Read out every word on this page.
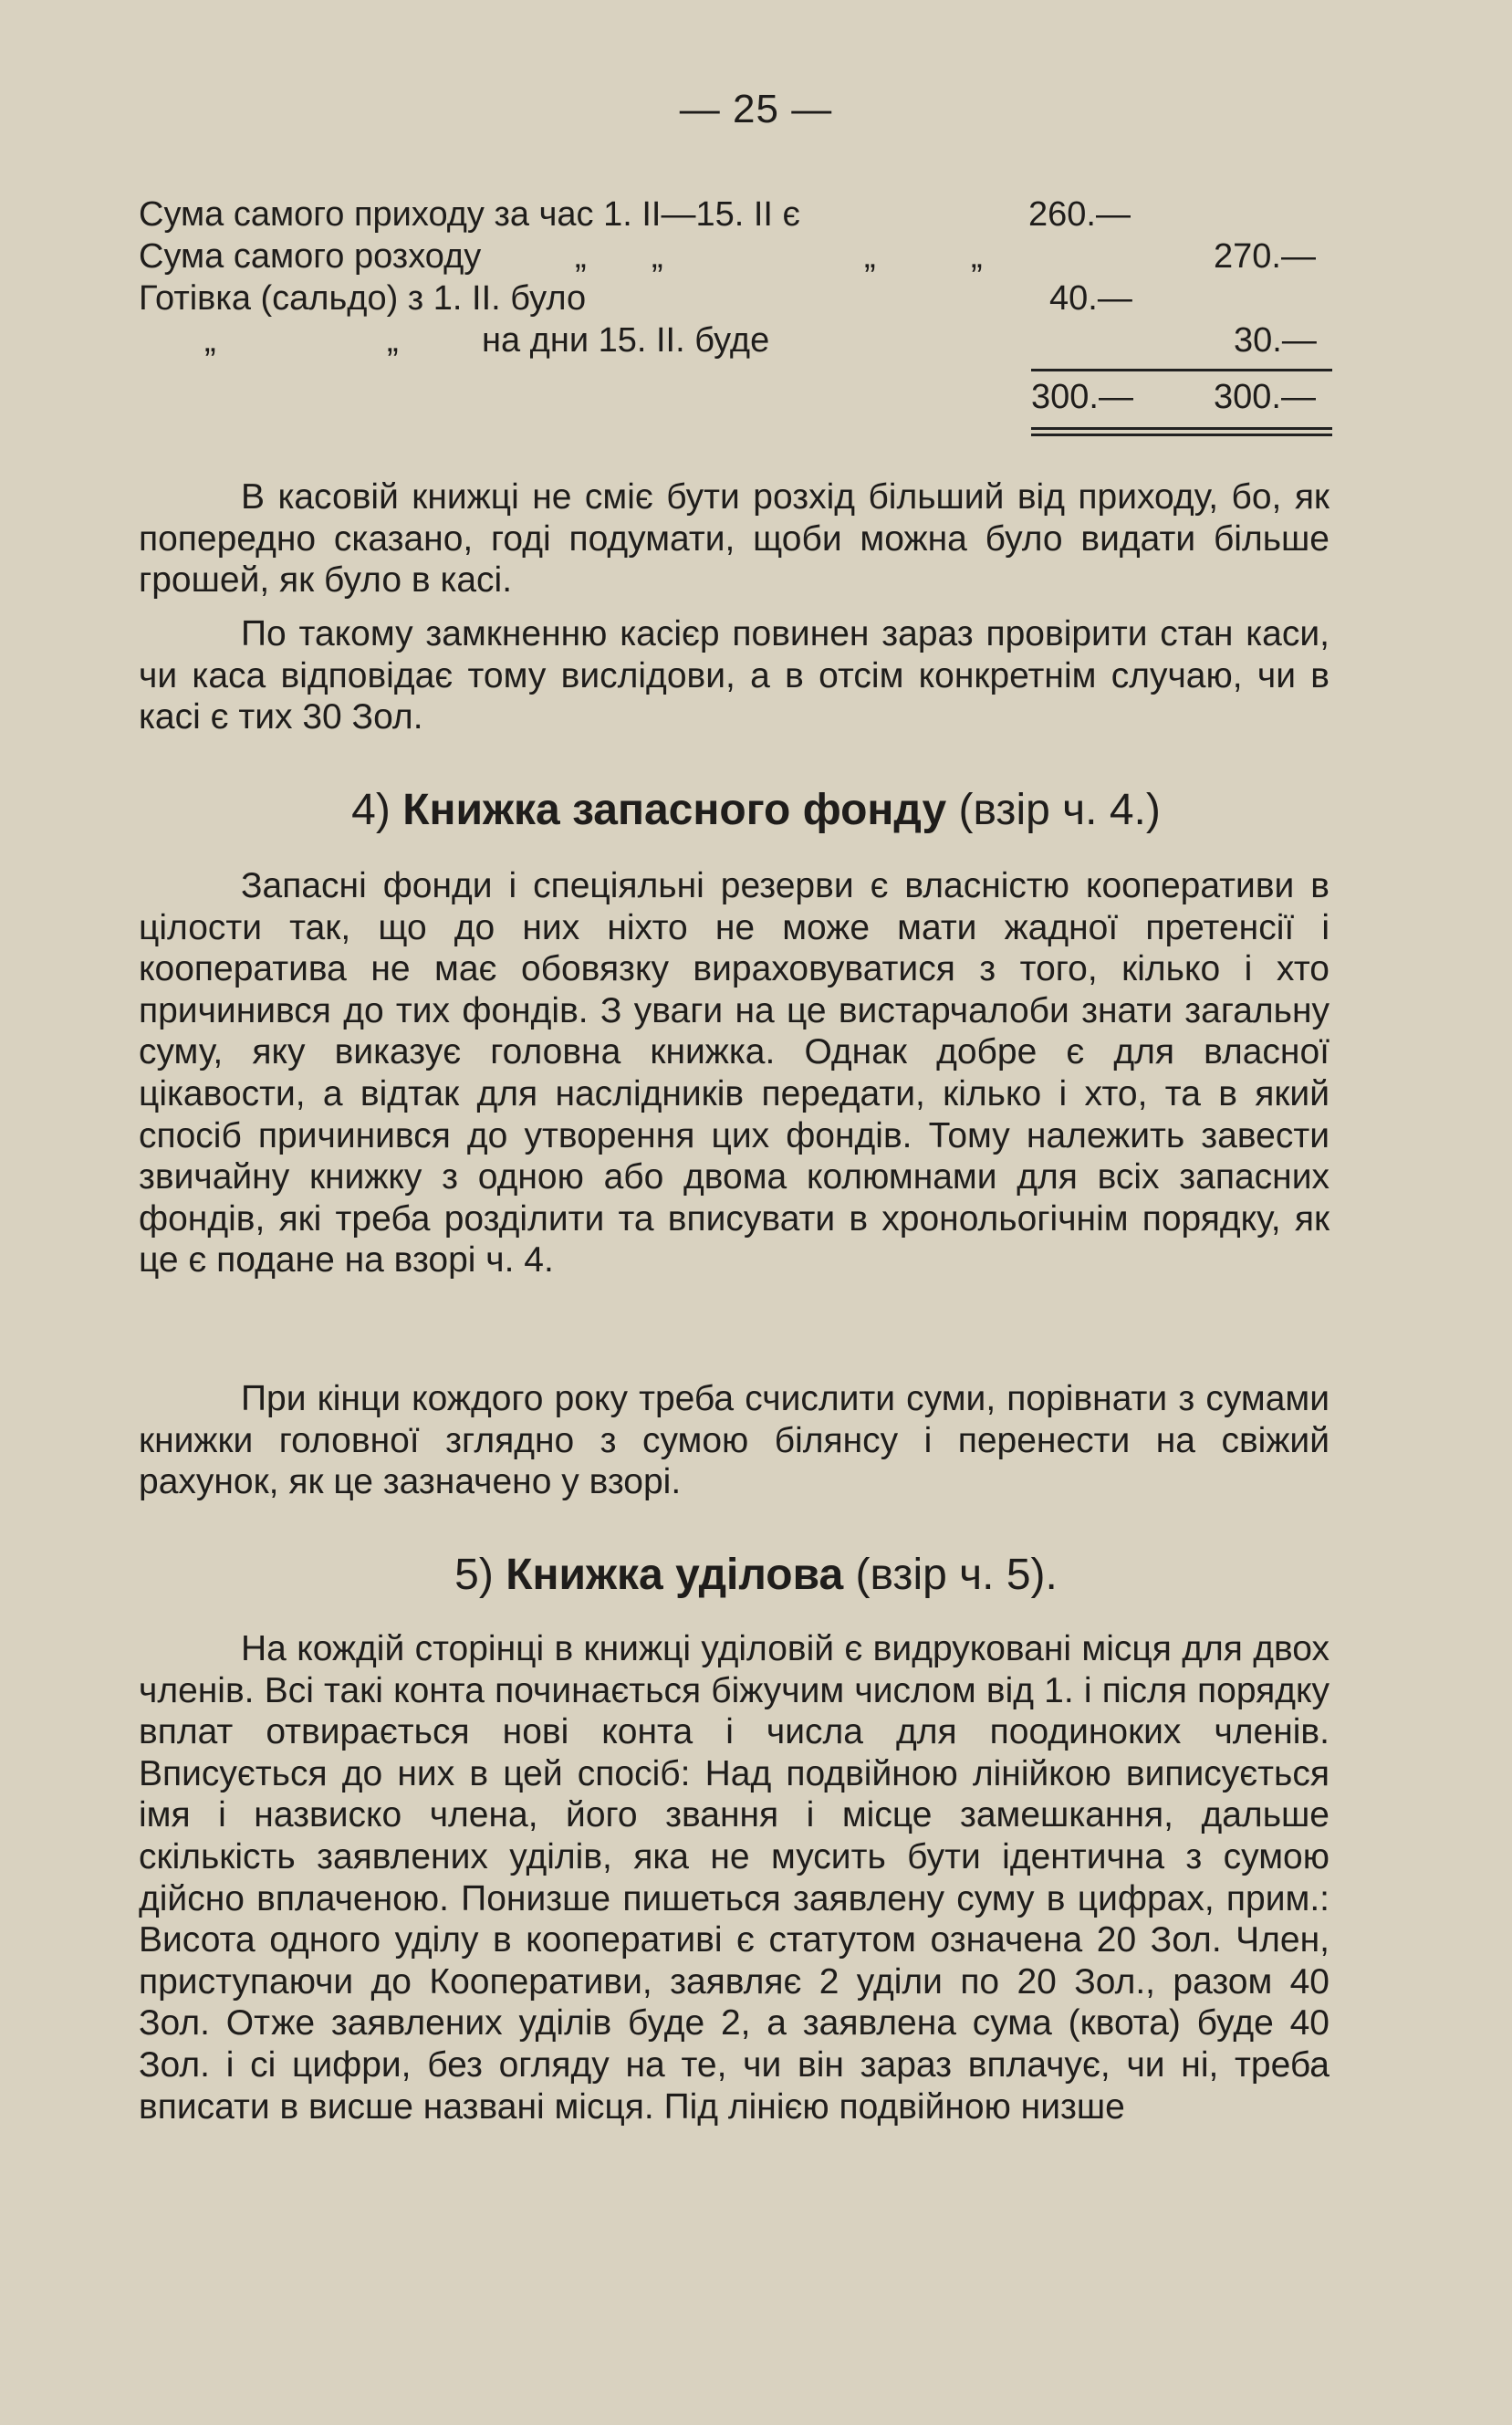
— 25 —
Сума самого приходу за час 1. II—15. II є	260.—
Сума самого розходу	„ „	„	„	270.—
Готівка (сальдо) з 1. II. було	40.—
„	„ на дни 15. II. буде	30.—
300.— 300.—

В касовій книжці не сміє бути розхід більший від приходу, бо, як попередно сказано, годі подумати, щоби можна було видати більше грошей, як було в касі.

По такому замкненню касієр повинен зараз провірити стан каси, чи каса відповідає тому вислідови, а в отсім конкретнім случаю, чи в касі є тих 30 Зол.

4) Книжка запасного фонду (взір ч. 4.)

Запасні фонди і спеціяльні резерви є власністю кооперативи в цілости так, що до них ніхто не може мати жадної претенсії і кооператива не має обовязку вираховуватися з того, кілько і хто причинився до тих фондів. З уваги на це вистарчалоби знати загальну суму, яку виказує головна книжка. Однак добре є для власної цікавости, а відтак для наслідників передати, кілько і хто, та в який спосіб причинився до утворення цих фондів. Тому належить завести звичайну книжку з одною або двома колюмнами для всіх запасних фондів, які треба розділити та вписувати в хронольогічнім порядку, як це є подане на взорі ч. 4.

При кінци кождого року треба счислити суми, порівнати з сумами книжки головної зглядно з сумою білянсу і перенести на свіжий рахунок, як це зазначено у взорі.

5) Книжка уділова (взір ч. 5).

На кождій сторінці в книжці уділовій є видруковані місця для двох членів. Всі такі конта починається біжучим числом від 1. і після порядку вплат отвирається нові конта і числа для поодиноких членів. Вписується до них в цей спосіб: Над подвійною лінійкою виписується імя і назвиско члена, його звання і місце замешкання, дальше скількість заявлених уділів, яка не мусить бути ідентична з сумою дійсно вплаченою. Понизше пишеться заявлену суму в цифрах, прим.: Висота одного уділу в кооперативі є статутом означена 20 Зол. Член, приступаючи до Кооперативи, заявляє 2 уділи по 20 Зол., разом 40 Зол. Отже заявлених уділів буде 2, а заявлена сума (квота) буде 40 Зол. і сі цифри, без огляду на те, чи він зараз вплачує, чи ні, треба вписати в висше названі місця. Під лінією подвійною низше
